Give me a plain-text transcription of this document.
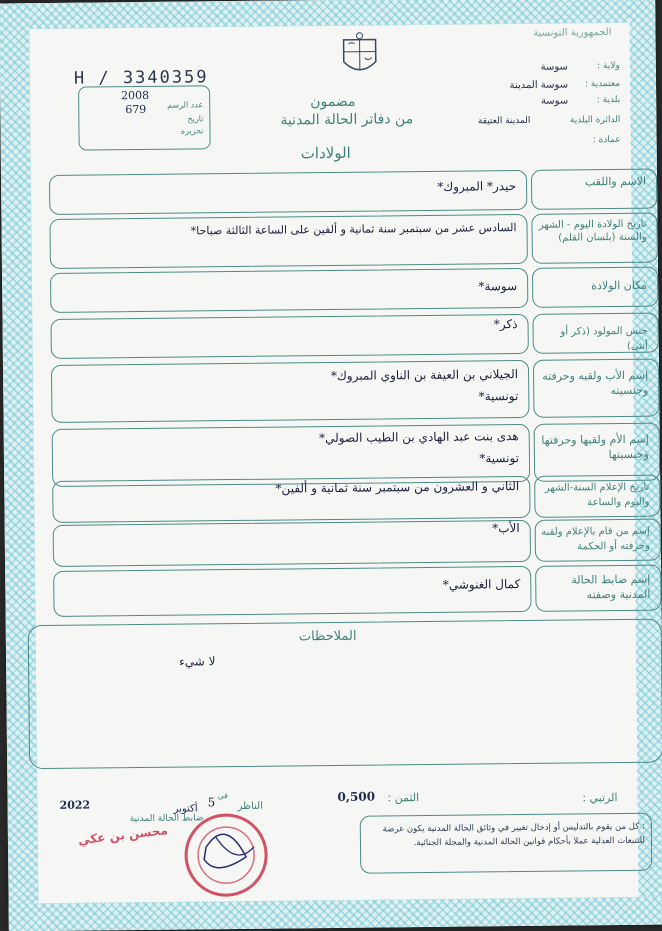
الجمهورية التونسية
H / 3340359
2008
679	عدد الرسم
تاريخ
تحريره
ولاية :
سوسة
معتمدية :
سوسة المدينة
بلدية :
سوسة
الدائرة البلدية
المدينة العتيقة
عمادة :
مضمون
من دفاتر الحالة المدنية
الولادات
الاسم واللقب
حيدر* المبروك*
تاريخ الولادة اليوم - الشهر والسنة (بلسان القلم)
السادس عشر من سبتمبر سنة ثمانية و ألفين على الساعة الثالثة صباحا*
مكان الولادة
سوسة*
جنس المولود (ذكر أو أنثى)
ذكر*
إسم الأب ولقبه وحرفته وجنسيته
الجيلاني بن العيفة بن الناوي المبروك*
تونسية*
إسم الأم ولقبها وحرفتها وجنسيتها
هدى بنت عبد الهادي بن الطيب الصولي*
تونسية*
تاريخ الإعلام السنة-الشهر واليوم والساعة
الثاني و العشرون من سبتمبر سنة ثمانية و ألفين*
إسم من قام بالإعلام ولقبه وحرفته أو الحكمة
الأب*
إسم ضابط الحالة المدنية وصفته
كمال الغنوشي*
الملاحظات
لا شيء
الرتبي :
الثمن :
0,500
2022	5
أكتوبر
في
الناظر
ضابط الحالة المدنية
محسن بن عكي	: كل من يقوم بالتدليس أو إدخال تغيير في وثائق الحالة المدنية يكون عرضة للتتبعات العدلية عملا بأحكام قوانين الحالة المدنية والمجلة الجنائية.
